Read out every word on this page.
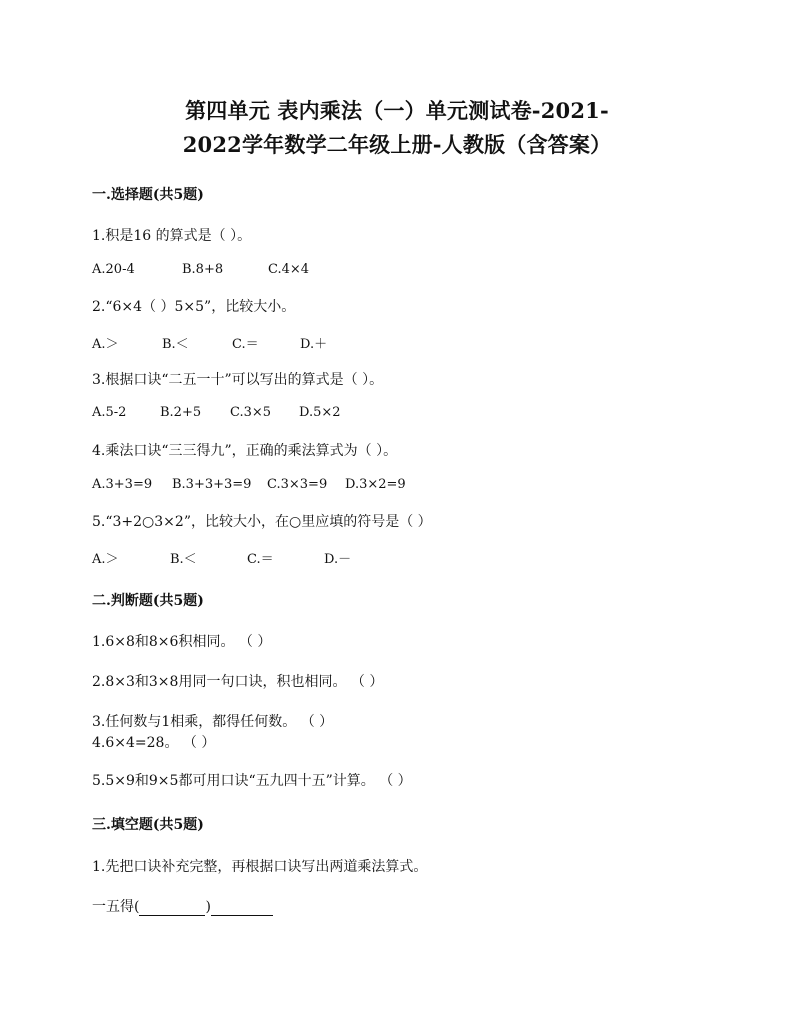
第四单元 表内乘法（一）单元测试卷-2021-
2022学年数学二年级上册-人教版（含答案）
一.选择题(共5题)
1.积是16 的算式是（ ）。
A.20-4	B.8+8	C.4×4
2.“6×4（ ）5×5”，比较大小。
A.＞	B.＜	C.＝	D.＋
3.根据口诀“二五一十”可以写出的算式是（ ）。
A.5-2	B.2+5 C.3×5 D.5×2
4.乘法口诀“三三得九”，正确的乘法算式为（ ）。
A.3+3=9 B.3+3+3=9 C.3×3=9 D.3×2=9
5.“3+2○3×2”，比较大小，在○里应填的符号是（ ）
A.＞	B.＜	C.＝	D.－
二.判断题(共5题)
1.6×8和8×6积相同。 （ ）
2.8×3和3×8用同一句口诀，积也相同。 （ ）
3.任何数与1相乘，都得任何数。 （ ）
4.6×4=28。 （ ）
5.5×9和9×5都可用口诀“五九四十五”计算。 （ ）
三.填空题(共5题)
1.先把口诀补充完整，再根据口诀写出两道乘法算式。
一五得(	)
